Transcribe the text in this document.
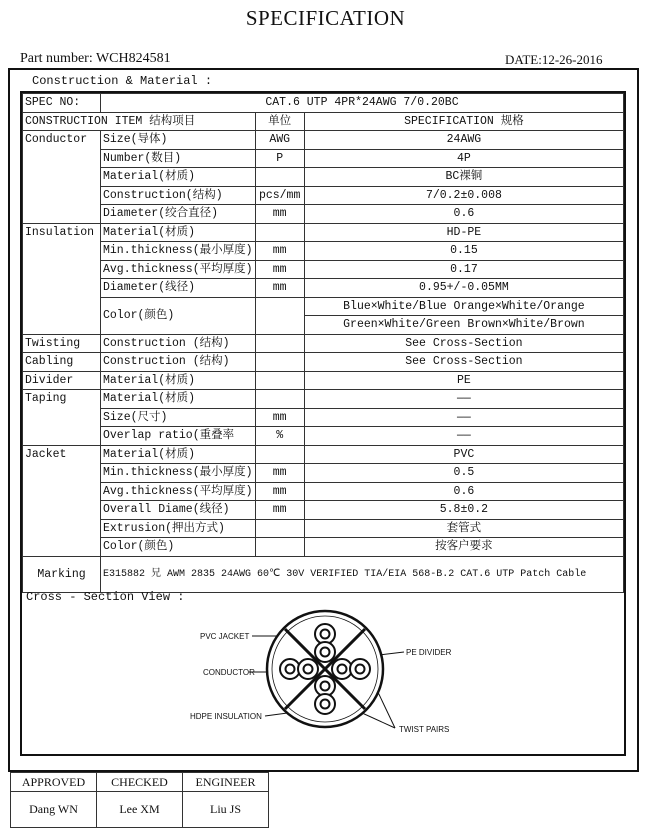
SPECIFICATION
Part number: WCH824581	DATE:12-26-2016
Construction & Material :
SPEC NO:	CAT.6 UTP 4PR*24AWG 7/0.20BC		
CONSTRUCTION ITEM 结构项目		单位	SPECIFICATION 规格
Conductor	Size(导体)	AWG	24AWG
	Number(数目)	P	4P
	Material(材质)		BC裸铜
	Construction(结构)	pcs/mm	7/0.2±0.008
	Diameter(绞合直径)	mm	0.6
Insulation	Material(材质)		HD-PE
	Min.thickness(最小厚度)	mm	0.15
	Avg.thickness(平均厚度)	mm	0.17
	Diameter(线径)	mm	0.95+/-0.05MM
	Color(颜色)		Blue×White/Blue Orange×White/Orange
			Green×White/Green Brown×White/Brown
Twisting	Construction (结构)		See Cross-Section
Cabling	Construction (结构)		See Cross-Section
Divider	Material(材质)		PE
Taping	Material(材质)		——
	Size(尺寸)	mm	——
	Overlap ratio(重叠率	%	——
Jacket	Material(材质)		PVC
	Min.thickness(最小厚度)	mm	0.5
	Avg.thickness(平均厚度)	mm	0.6
	Overall Diame(线径)	mm	5.8±0.2
	Extrusion(押出方式)		套管式
	Color(颜色)		按客户要求
Marking	E315882 兄 AWM 2835 24AWG 60℃ 30V VERIFIED TIA/EIA 568-B.2 CAT.6 UTP Patch Cable		
Cross - Section View :
PVC JACKET
CONDUCTOR
HDPE INSULATION
PE DIVIDER
TWIST PAIRS
APPROVED	CHECKED	ENGINEER
Dang WN	Lee XM	Liu JS
